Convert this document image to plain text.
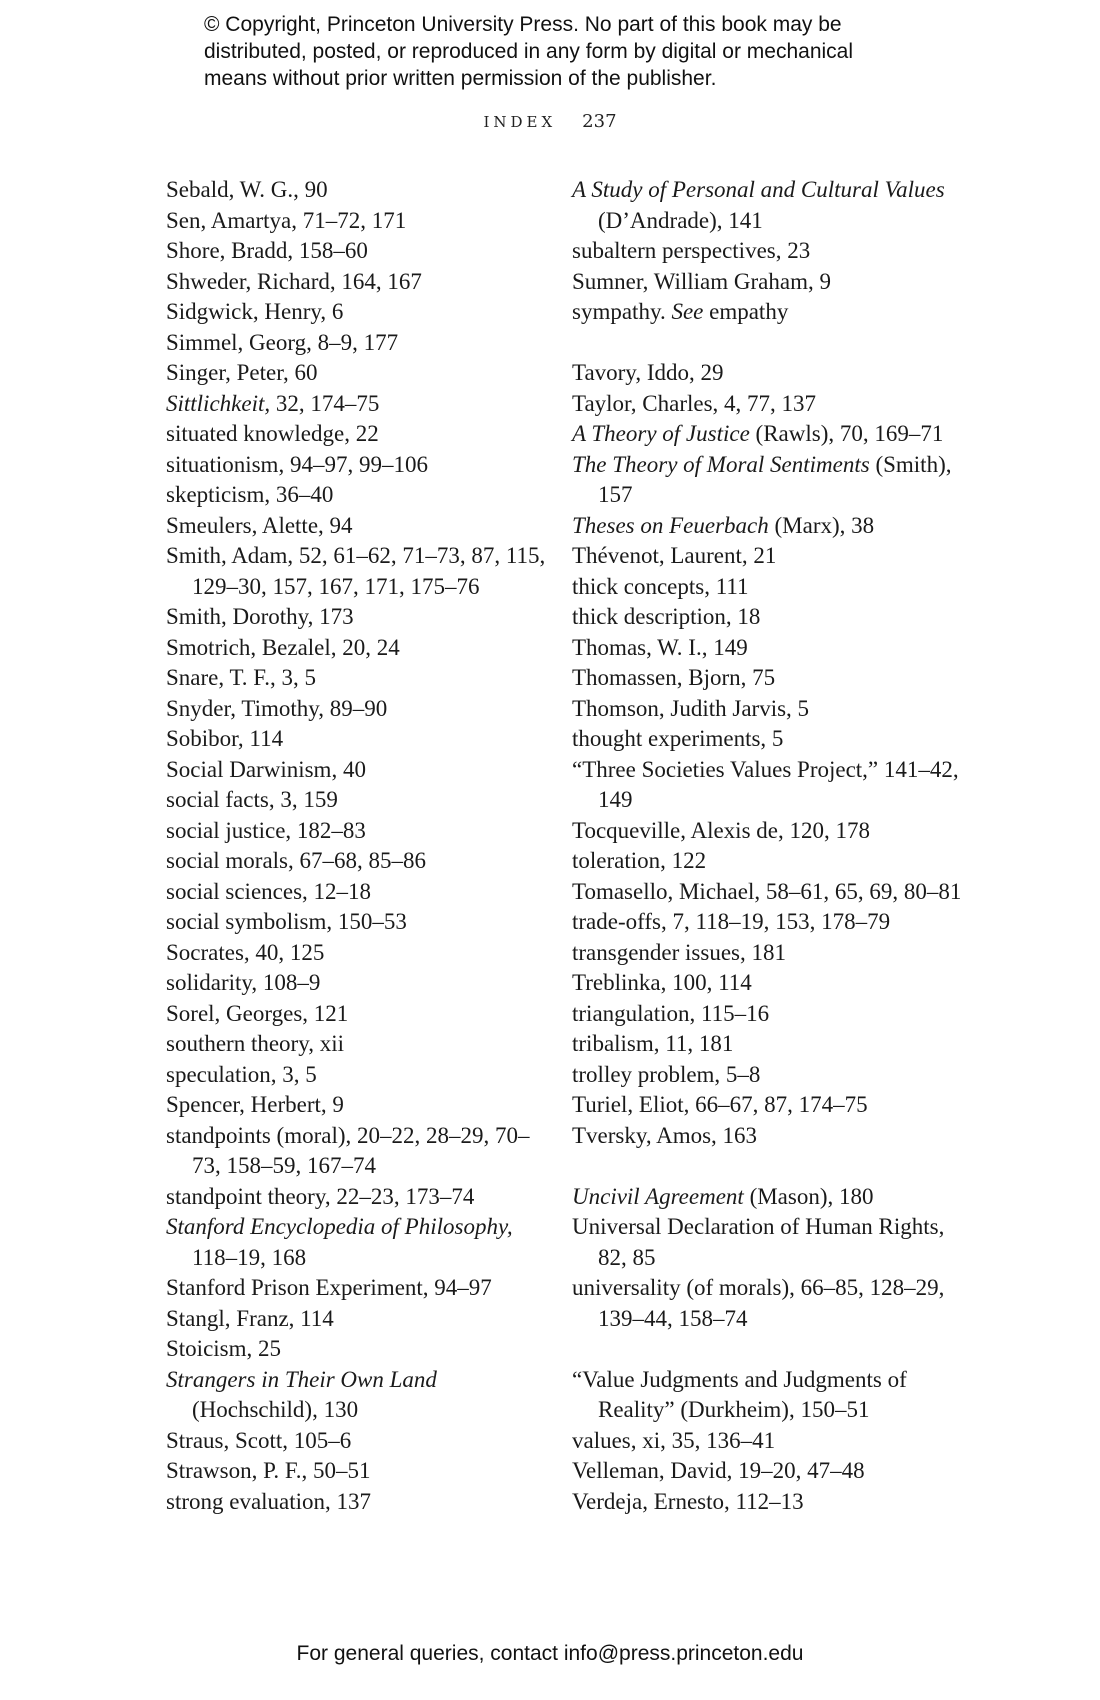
© Copyright, Princeton University Press. No part of this book may be
distributed, posted, or reproduced in any form by digital or mechanical
means without prior written permission of the publisher.
INDEX 237
Sebald, W. G., 90
Sen, Amartya, 71–72, 171
Shore, Bradd, 158–60
Shweder, Richard, 164, 167
Sidgwick, Henry, 6
Simmel, Georg, 8–9, 177
Singer, Peter, 60
Sittlichkeit, 32, 174–75
situated knowledge, 22
situationism, 94–97, 99–106
skepticism, 36–40
Smeulers, Alette, 94
Smith, Adam, 52, 61–62, 71–73, 87, 115, 129–30, 157, 167, 171, 175–76
Smith, Dorothy, 173
Smotrich, Bezalel, 20, 24
Snare, T. F., 3, 5
Snyder, Timothy, 89–90
Sobibor, 114
Social Darwinism, 40
social facts, 3, 159
social justice, 182–83
social morals, 67–68, 85–86
social sciences, 12–18
social symbolism, 150–53
Socrates, 40, 125
solidarity, 108–9
Sorel, Georges, 121
southern theory, xii
speculation, 3, 5
Spencer, Herbert, 9
standpoints (moral), 20–22, 28–29, 70–73, 158–59, 167–74
standpoint theory, 22–23, 173–74
Stanford Encyclopedia of Philosophy, 118–19, 168
Stanford Prison Experiment, 94–97
Stangl, Franz, 114
Stoicism, 25
Strangers in Their Own Land (Hochschild), 130
Straus, Scott, 105–6
Strawson, P. F., 50–51
strong evaluation, 137
A Study of Personal and Cultural Values (D’Andrade), 141
subaltern perspectives, 23
Sumner, William Graham, 9
sympathy. See empathy
Tavory, Iddo, 29
Taylor, Charles, 4, 77, 137
A Theory of Justice (Rawls), 70, 169–71
The Theory of Moral Sentiments (Smith), 157
Theses on Feuerbach (Marx), 38
Thévenot, Laurent, 21
thick concepts, 111
thick description, 18
Thomas, W. I., 149
Thomassen, Bjorn, 75
Thomson, Judith Jarvis, 5
thought experiments, 5
“Three Societies Values Project,” 141–42, 149
Tocqueville, Alexis de, 120, 178
toleration, 122
Tomasello, Michael, 58–61, 65, 69, 80–81
trade-offs, 7, 118–19, 153, 178–79
transgender issues, 181
Treblinka, 100, 114
triangulation, 115–16
tribalism, 11, 181
trolley problem, 5–8
Turiel, Eliot, 66–67, 87, 174–75
Tversky, Amos, 163
Uncivil Agreement (Mason), 180
Universal Declaration of Human Rights, 82, 85
universality (of morals), 66–85, 128–29, 139–44, 158–74
“Value Judgments and Judgments of Reality” (Durkheim), 150–51
values, xi, 35, 136–41
Velleman, David, 19–20, 47–48
Verdeja, Ernesto, 112–13
For general queries, contact info@press.princeton.edu
